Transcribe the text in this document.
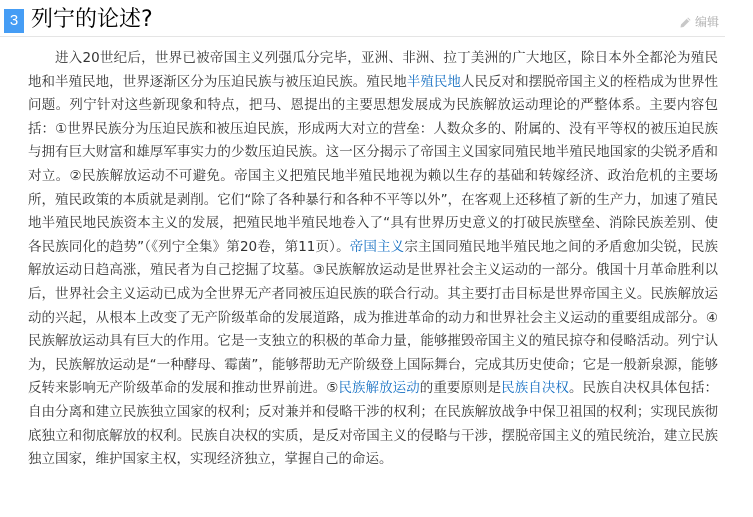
3 列宁的论述?	编辑

进入20世纪后，世界已被帝国主义列强瓜分完毕，亚洲、非洲、拉丁美洲的广大地区，除日本外全都沦为殖民地和半殖民地，世界逐渐区分为压迫民族与被压迫民族。殖民地半殖民地人民反对和摆脱帝国主义的桎梏成为世界性问题。列宁针对这些新现象和特点，把马、恩提出的主要思想发展成为民族解放运动理论的严整体系。主要内容包括：①世界民族分为压迫民族和被压迫民族，形成两大对立的营垒：人数众多的、附属的、没有平等权的被压迫民族与拥有巨大财富和雄厚军事实力的少数压迫民族。这一区分揭示了帝国主义国家同殖民地半殖民地国家的尖锐矛盾和对立。②民族解放运动不可避免。帝国主义把殖民地半殖民地视为赖以生存的基础和转嫁经济、政治危机的主要场所，殖民政策的本质就是剥削。它们“除了各种暴行和各种不平等以外”，在客观上还移植了新的生产力，加速了殖民地半殖民地民族资本主义的发展，把殖民地半殖民地卷入了“具有世界历史意义的打破民族壁垒、消除民族差别、使各民族同化的趋势”（《列宁全集》第20卷，第11页）。帝国主义宗主国同殖民地半殖民地之间的矛盾愈加尖锐，民族解放运动日趋高涨，殖民者为自己挖掘了坟墓。③民族解放运动是世界社会主义运动的一部分。俄国十月革命胜利以后，世界社会主义运动已成为全世界无产者同被压迫民族的联合行动。其主要打击目标是世界帝国主义。民族解放运动的兴起，从根本上改变了无产阶级革命的发展道路，成为推进革命的动力和世界社会主义运动的重要组成部分。④民族解放运动具有巨大的作用。它是一支独立的积极的革命力量，能够摧毁帝国主义的殖民掠夺和侵略活动。列宁认为，民族解放运动是“一种酵母、霉菌”，能够帮助无产阶级登上国际舞台，完成其历史使命；它是一般新泉源，能够反转来影响无产阶级革命的发展和推动世界前进。⑤民族解放运动的重要原则是民族自决权。民族自决权具体包括：自由分离和建立民族独立国家的权利；反对兼并和侵略干涉的权利；在民族解放战争中保卫祖国的权利；实现民族彻底独立和彻底解放的权利。民族自决权的实质，是反对帝国主义的侵略与干涉，摆脱帝国主义的殖民统治，建立民族独立国家，维护国家主权，实现经济独立，掌握自己的命运。
